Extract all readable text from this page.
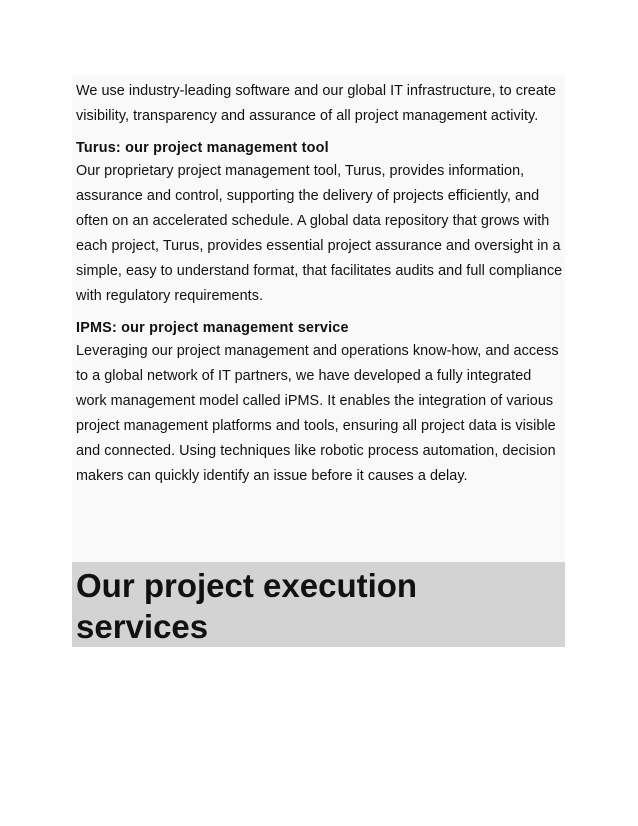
We use industry-leading software and our global IT infrastructure, to create visibility, transparency and assurance of all project management activity.

Turus: our project management tool

Our proprietary project management tool, Turus, provides information, assurance and control, supporting the delivery of projects efficiently, and often on an accelerated schedule. A global data repository that grows with each project, Turus, provides essential project assurance and oversight in a simple, easy to understand format, that facilitates audits and full compliance with regulatory requirements.

IPMS: our project management service

Leveraging our project management and operations know-how, and access to a global network of IT partners, we have developed a fully integrated work management model called iPMS. It enables the integration of various project management platforms and tools, ensuring all project data is visible and connected. Using techniques like robotic process automation, decision makers can quickly identify an issue before it causes a delay.

Our project execution services
